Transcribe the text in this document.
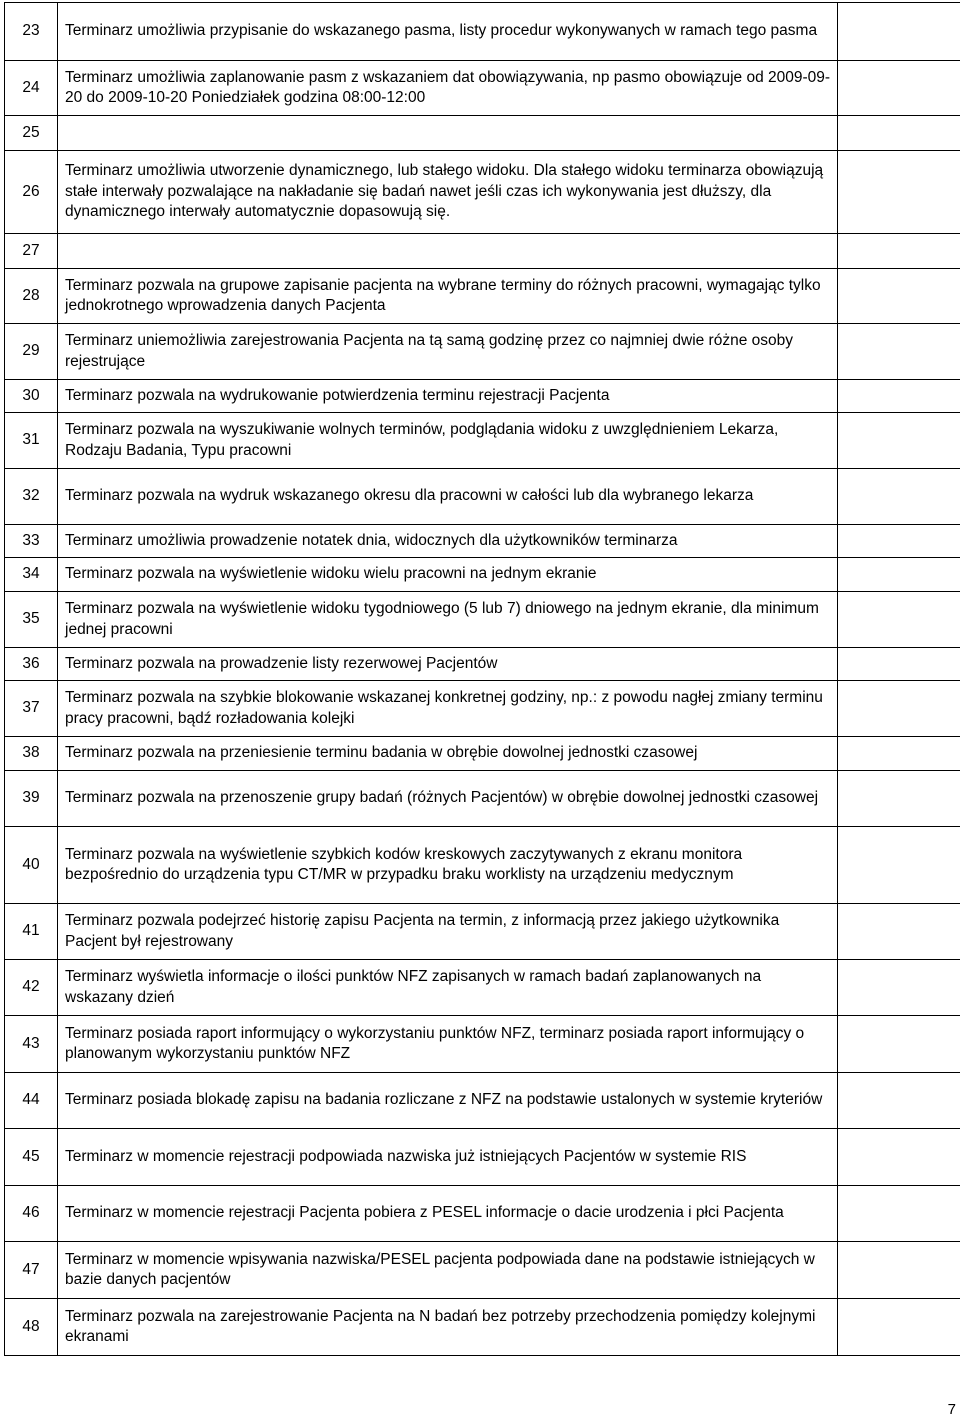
23	Terminarz umożliwia przypisanie do wskazanego pasma, listy procedur wykonywanych w ramach tego pasma	
24	Terminarz umożliwia zaplanowanie pasm z wskazaniem dat obowiązywania, np pasmo obowiązuje od 2009-09-20 do 2009-10-20 Poniedziałek godzina 08:00-12:00	
25		
26	Terminarz umożliwia utworzenie dynamicznego, lub stałego widoku. Dla stałego widoku terminarza obowiązują stałe interwały pozwalające na nakładanie się badań nawet jeśli czas ich wykonywania jest dłuższy, dla dynamicznego interwały automatycznie dopasowują się.	
27		
28	Terminarz pozwala na grupowe zapisanie pacjenta na wybrane terminy do różnych pracowni, wymagając tylko jednokrotnego wprowadzenia danych Pacjenta	
29	Terminarz uniemożliwia zarejestrowania Pacjenta na tą samą godzinę przez co najmniej dwie różne osoby rejestrujące	
30	Terminarz pozwala na wydrukowanie potwierdzenia terminu rejestracji Pacjenta	
31	Terminarz pozwala na wyszukiwanie wolnych terminów, podglądania widoku z uwzględnieniem Lekarza, Rodzaju Badania, Typu pracowni	
32	Terminarz pozwala na wydruk wskazanego okresu dla pracowni w całości lub dla wybranego lekarza	
33	Terminarz umożliwia prowadzenie notatek dnia, widocznych dla użytkowników terminarza	
34	Terminarz pozwala na wyświetlenie widoku wielu pracowni na jednym ekranie	
35	Terminarz pozwala na wyświetlenie widoku tygodniowego (5 lub 7) dniowego na jednym ekranie, dla minimum jednej pracowni	
36	Terminarz pozwala na prowadzenie listy rezerwowej Pacjentów	
37	Terminarz pozwala na szybkie blokowanie wskazanej konkretnej godziny, np.: z powodu nagłej zmiany terminu pracy pracowni, bądź rozładowania kolejki	
38	Terminarz pozwala na przeniesienie terminu badania w obrębie dowolnej jednostki czasowej	
39	Terminarz pozwala na przenoszenie grupy badań (różnych Pacjentów) w obrębie dowolnej jednostki czasowej	
40	Terminarz pozwala na wyświetlenie szybkich kodów kreskowych zaczytywanych z ekranu monitora bezpośrednio do urządzenia typu CT/MR w przypadku braku worklisty na urządzeniu medycznym	
41	Terminarz pozwala podejrzeć historię zapisu Pacjenta na termin, z informacją przez jakiego użytkownika Pacjent był rejestrowany	
42	Terminarz wyświetla informacje o ilości punktów NFZ zapisanych w ramach badań zaplanowanych na wskazany dzień	
43	Terminarz posiada raport informujący o wykorzystaniu punktów NFZ, terminarz posiada raport informujący o planowanym wykorzystaniu punktów NFZ	
44	Terminarz posiada blokadę zapisu na badania rozliczane z NFZ na podstawie ustalonych w systemie kryteriów	
45	Terminarz w momencie rejestracji podpowiada nazwiska już istniejących Pacjentów w systemie RIS	
46	Terminarz w momencie rejestracji Pacjenta pobiera z PESEL informacje o dacie urodzenia i płci Pacjenta	
47	Terminarz w momencie wpisywania nazwiska/PESEL pacjenta podpowiada dane na podstawie istniejących w bazie danych pacjentów	
48	Terminarz pozwala na zarejestrowanie Pacjenta na N badań bez potrzeby przechodzenia pomiędzy kolejnymi ekranami	
7
